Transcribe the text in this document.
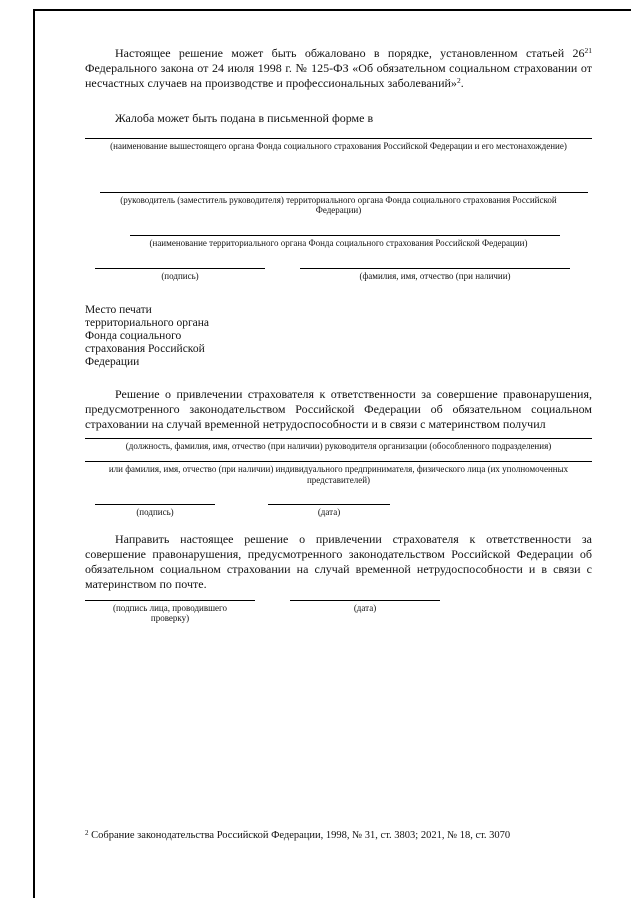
Настоящее решение может быть обжаловано в порядке, установленном статьей $26^{21}$ Федерального закона от 24 июля 1998 г. № 125-ФЗ «Об обязательном социальном страховании от несчастных случаев на производстве и профессиональных заболеваний»$^2$.

Жалоба может быть подана в письменной форме в

(наименование вышестоящего органа Фонда социального страхования Российской Федерации и его местонахождение)
(руководитель (заместитель руководителя) территориального органа Фонда социального страхования Российской Федерации)
(наименование территориального органа Фонда социального страхования Российской Федерации)
(подпись)	(фамилия, имя, отчество (при наличии)
Место печати
территориального органа
Фонда социального
страхования Российской
Федерации

Решение о привлечении страхователя к ответственности за совершение правонарушения, предусмотренного законодательством Российской Федерации об обязательном социальном страховании на случай временной нетрудоспособности и в связи с материнством получил

(должность, фамилия, имя, отчество (при наличии) руководителя организации (обособленного подразделения)
или фамилия, имя, отчество (при наличии) индивидуального предпринимателя, физического лица (их уполномоченных представителей)
(подпись)	(дата)

Направить настоящее решение о привлечении страхователя к ответственности за совершение правонарушения, предусмотренного законодательством Российской Федерации об обязательном социальном страховании на случай временной нетрудоспособности и в связи с материнством по почте.

(подпись лица, проводившего проверку)
(дата)
$^2$ Собрание законодательства Российской Федерации, 1998, № 31, ст. 3803; 2021, № 18, ст. 3070
